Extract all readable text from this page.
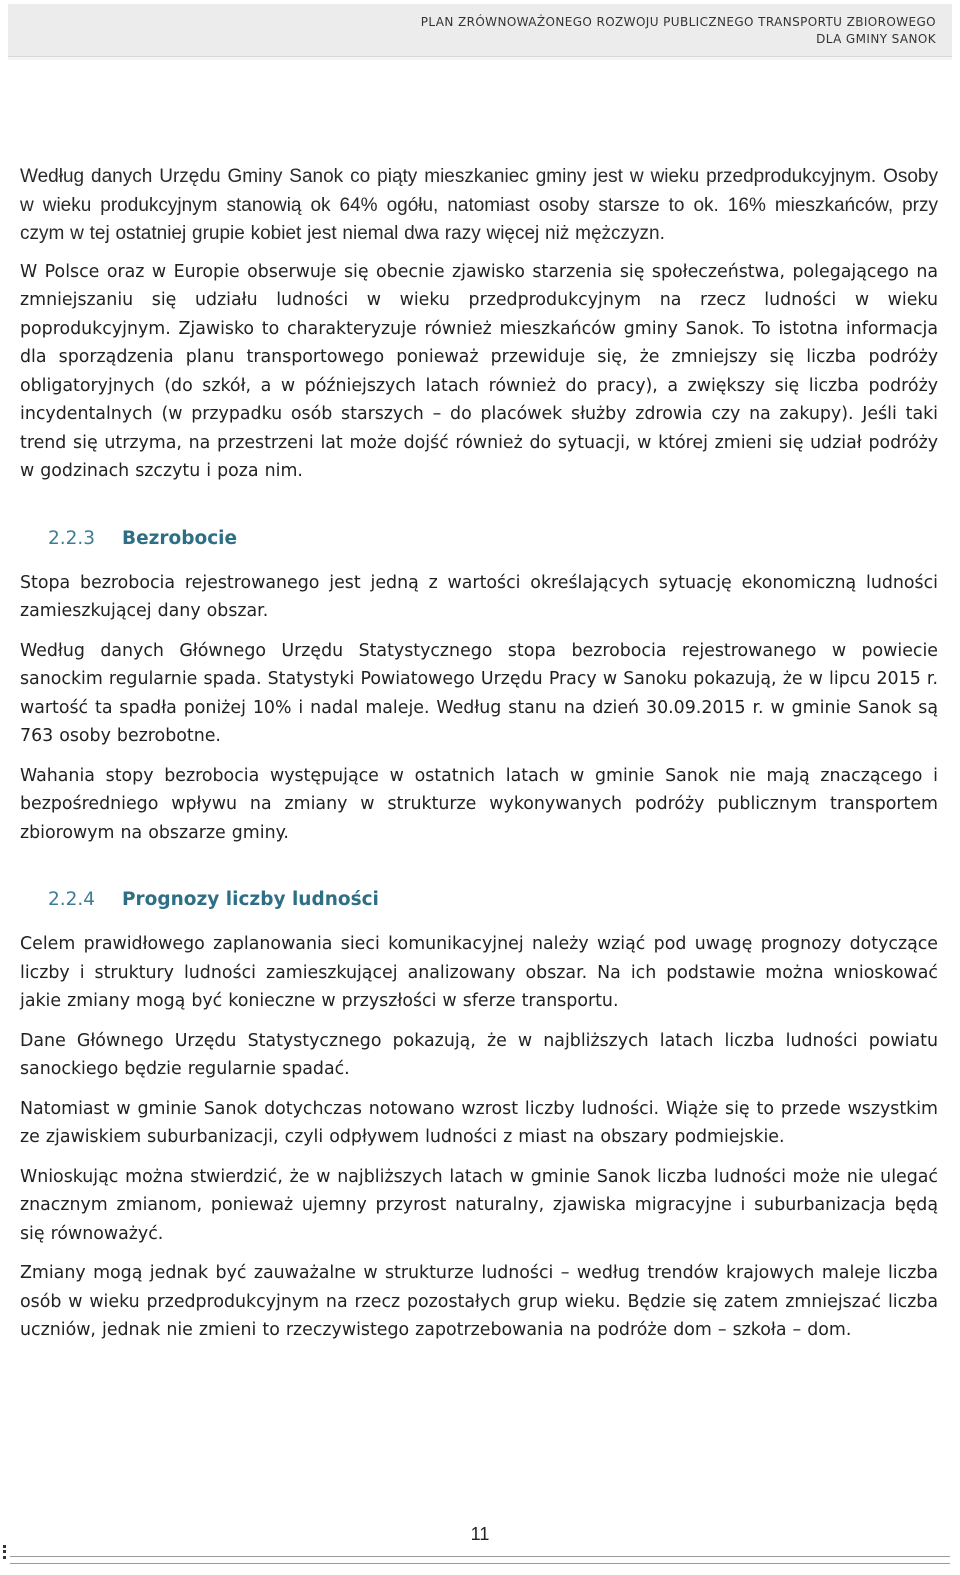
PLAN ZRÓWNOWAŻONEGO ROZWOJU PUBLICZNEGO TRANSPORTU ZBIOROWEGO
DLA GMINY SANOK

Według danych Urzędu Gminy Sanok co piąty mieszkaniec gminy jest w wieku przedprodukcyjnym. Osoby w wieku produkcyjnym stanowią ok 64% ogółu, natomiast osoby starsze to ok. 16% mieszkańców, przy czym w tej ostatniej grupie kobiet jest niemal dwa razy więcej niż mężczyzn.

W Polsce oraz w Europie obserwuje się obecnie zjawisko starzenia się społeczeństwa, polegającego na zmniejszaniu się udziału ludności w wieku przedprodukcyjnym na rzecz ludności w wieku poprodukcyjnym. Zjawisko to charakteryzuje również mieszkańców gminy Sanok. To istotna informacja dla sporządzenia planu transportowego ponieważ przewiduje się, że zmniejszy się liczba podróży obligatoryjnych (do szkół, a w późniejszych latach również do pracy), a zwiększy się liczba podróży incydentalnych (w przypadku osób starszych – do placówek służby zdrowia czy na zakupy). Jeśli taki trend się utrzyma, na przestrzeni lat może dojść również do sytuacji, w której zmieni się udział podróży w godzinach szczytu i poza nim.

2.2.3	Bezrobocie

Stopa bezrobocia rejestrowanego jest jedną z wartości określających sytuację ekonomiczną ludności zamieszkującej dany obszar.

Według danych Głównego Urzędu Statystycznego stopa bezrobocia rejestrowanego w powiecie sanockim regularnie spada. Statystyki Powiatowego Urzędu Pracy w Sanoku pokazują, że w lipcu 2015 r. wartość ta spadła poniżej 10% i nadal maleje. Według stanu na dzień 30.09.2015 r. w gminie Sanok są 763 osoby bezrobotne.

Wahania stopy bezrobocia występujące w ostatnich latach w gminie Sanok nie mają znaczącego i bezpośredniego wpływu na zmiany w strukturze wykonywanych podróży publicznym transportem zbiorowym na obszarze gminy.

2.2.4	Prognozy liczby ludności

Celem prawidłowego zaplanowania sieci komunikacyjnej należy wziąć pod uwagę prognozy dotyczące liczby i struktury ludności zamieszkującej analizowany obszar. Na ich podstawie można wnioskować jakie zmiany mogą być konieczne w przyszłości w sferze transportu.

Dane Głównego Urzędu Statystycznego pokazują, że w najbliższych latach liczba ludności powiatu sanockiego będzie regularnie spadać.

Natomiast w gminie Sanok dotychczas notowano wzrost liczby ludności. Wiąże się to przede wszystkim ze zjawiskiem suburbanizacji, czyli odpływem ludności z miast na obszary podmiejskie.

Wnioskując można stwierdzić, że w najbliższych latach w gminie Sanok liczba ludności może nie ulegać znacznym zmianom, ponieważ ujemny przyrost naturalny, zjawiska migracyjne i suburbanizacja będą się równoważyć.

Zmiany mogą jednak być zauważalne w strukturze ludności – według trendów krajowych maleje liczba osób w wieku przedprodukcyjnym na rzecz pozostałych grup wieku. Będzie się zatem zmniejszać liczba uczniów, jednak nie zmieni to rzeczywistego zapotrzebowania na podróże dom – szkoła – dom.

11
